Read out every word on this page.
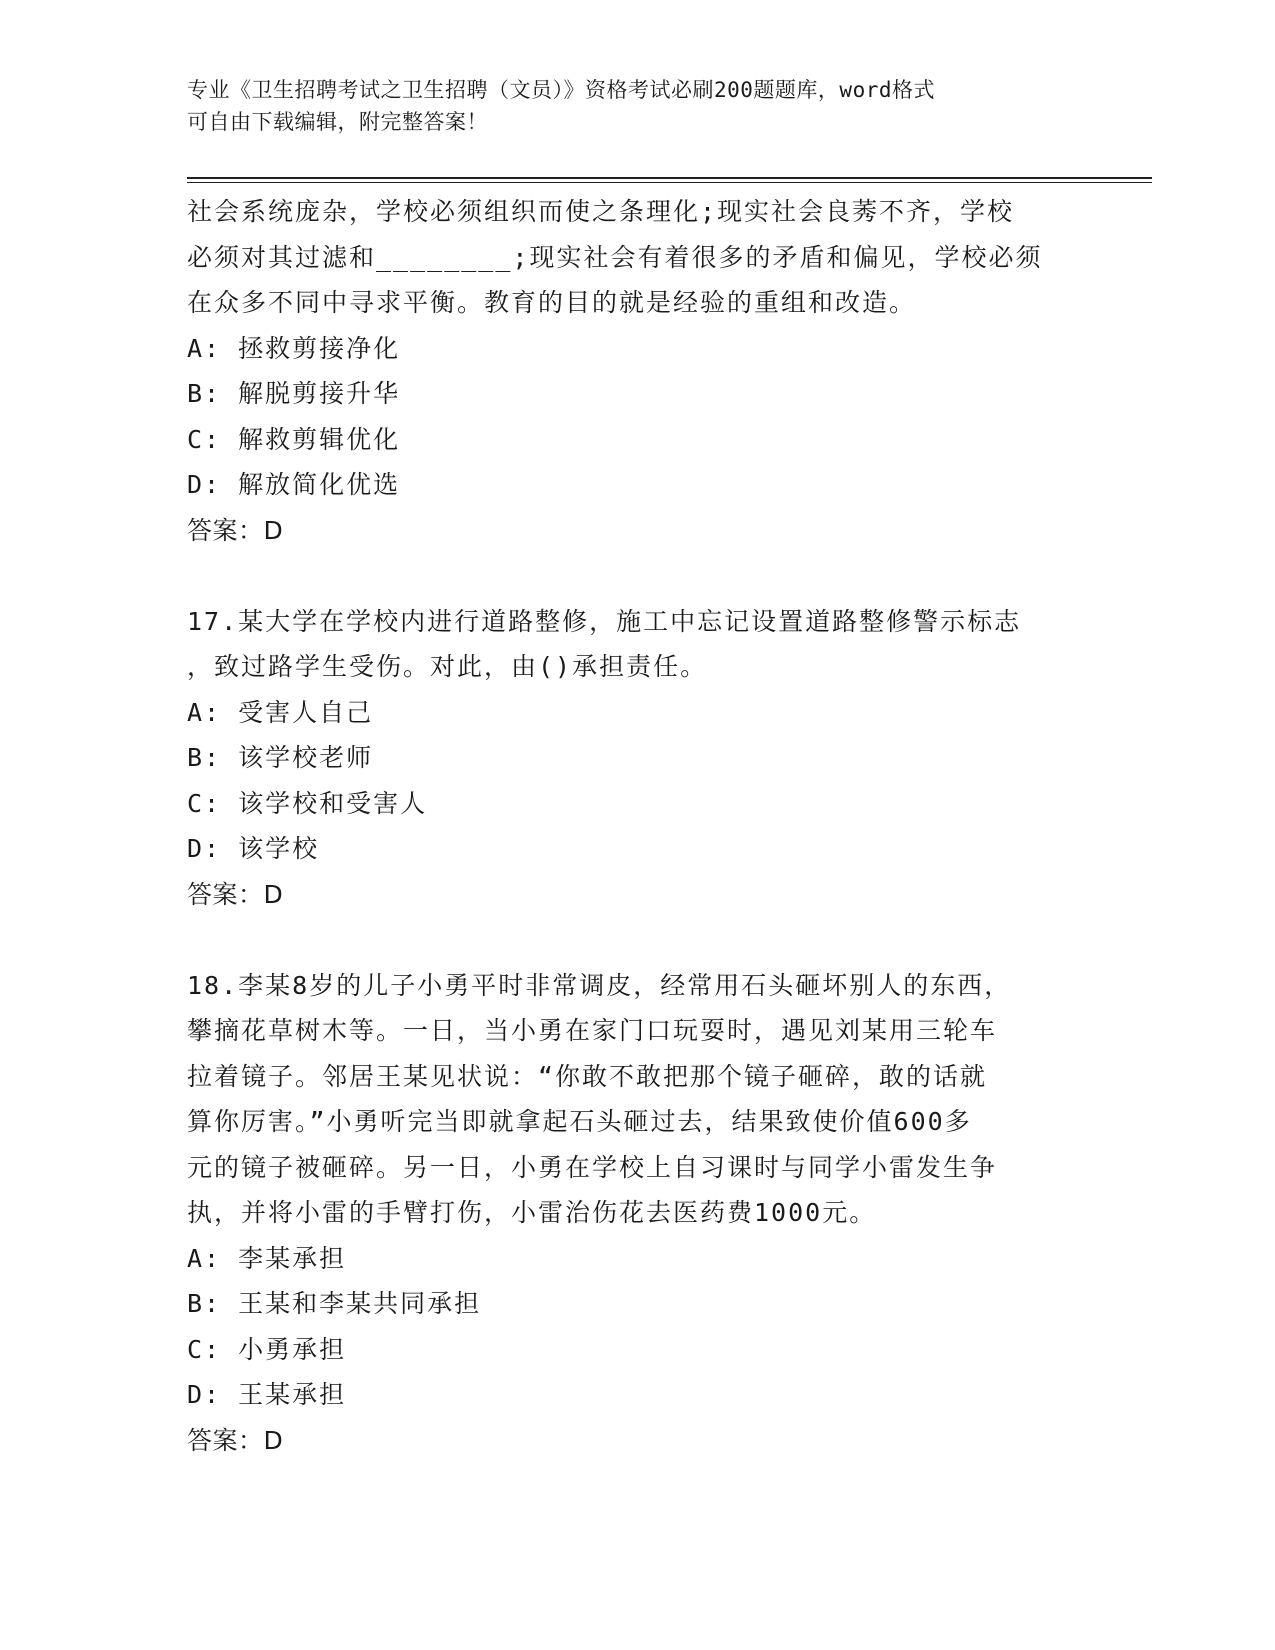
专业《卫生招聘考试之卫生招聘（文员）》资格考试必刷200题题库，word格式
可自由下载编辑，附完整答案！

社会系统庞杂，学校必须组织而使之条理化;现实社会良莠不齐，学校

必须对其过滤和________;现实社会有着很多的矛盾和偏见，学校必须

在众多不同中寻求平衡。教育的目的就是经验的重组和改造。

A: 拯救剪接净化

B: 解脱剪接升华

C: 解救剪辑优化

D: 解放简化优选

答案：D

17.某大学在学校内进行道路整修，施工中忘记设置道路整修警示标志

，致过路学生受伤。对此，由()承担责任。

A: 受害人自己

B: 该学校老师

C: 该学校和受害人

D: 该学校

答案：D

18.李某8岁的儿子小勇平时非常调皮，经常用石头砸坏别人的东西，

攀摘花草树木等。一日，当小勇在家门口玩耍时，遇见刘某用三轮车

拉着镜子。邻居王某见状说：“你敢不敢把那个镜子砸碎，敢的话就

算你厉害。”小勇听完当即就拿起石头砸过去，结果致使价值600多

元的镜子被砸碎。另一日，小勇在学校上自习课时与同学小雷发生争

执，并将小雷的手臂打伤，小雷治伤花去医药费1000元。

A: 李某承担

B: 王某和李某共同承担

C: 小勇承担

D: 王某承担

答案：D
